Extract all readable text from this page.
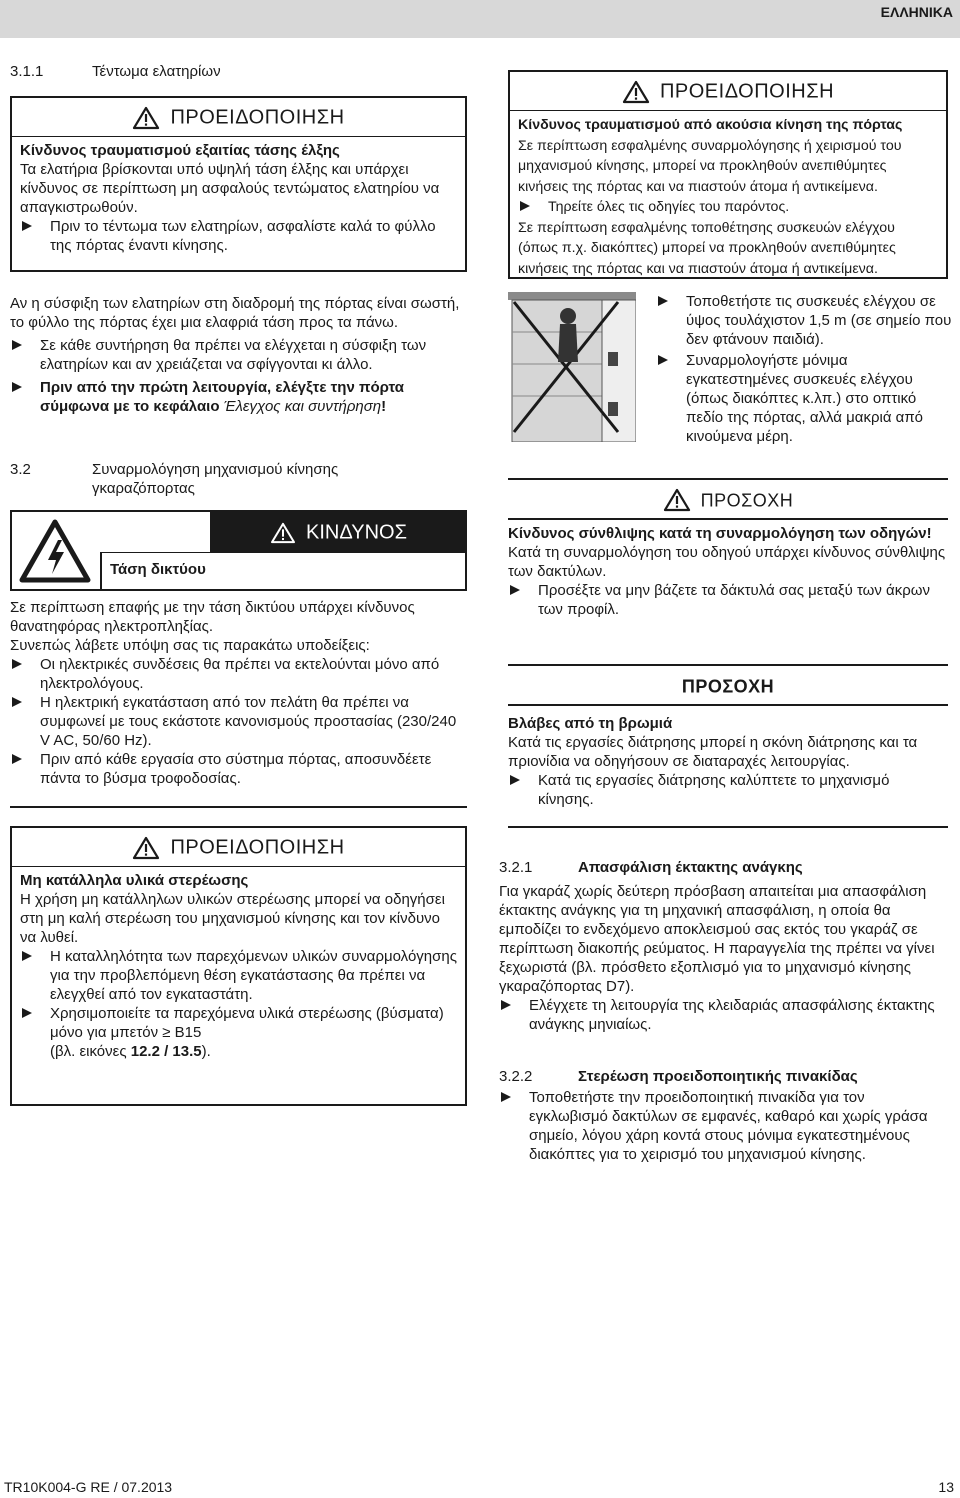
ΕΛΛΗΝΙΚΑ
3.1.1	Τέντωμα ελατηρίων
ΠΡΟΕΙΔΟΠΟΙΗΣΗ

Κίνδυνος τραυματισμού εξαιτίας τάσης έλξης

Τα ελατήρια βρίσκονται υπό υψηλή τάση έλξης και υπάρχει κίνδυνος σε περίπτωση μη ασφαλούς τεντώματος ελατηρίου να απαγκιστρωθούν.

Πριν το τέντωμα των ελατηρίων, ασφαλίστε καλά το φύλλο της πόρτας έναντι κίνησης.

Αν η σύσφιξη των ελατηρίων στη διαδρομή της πόρτας είναι σωστή, το φύλλο της πόρτας έχει μια ελαφριά τάση προς τα πάνω.

Σε κάθε συντήρηση θα πρέπει να ελέγχεται η σύσφιξη των ελατηρίων και αν χρειάζεται να σφίγγονται κι άλλο.

Πριν από την πρώτη λειτουργία, ελέγξτε την πόρτα σύμφωνα με το κεφάλαιο Έλεγχος και συντήρηση!

3.2	Συναρμολόγηση μηχανισμού κίνησης γκαραζόπορτας
ΚΙΝΔΥΝΟΣ
Τάση δικτύου

Σε περίπτωση επαφής με την τάση δικτύου υπάρχει κίνδυνος θανατηφόρας ηλεκτροπληξίας.

Συνεπώς λάβετε υπόψη σας τις παρακάτω υποδείξεις:

Οι ηλεκτρικές συνδέσεις θα πρέπει να εκτελούνται μόνο από ηλεκτρολόγους.

Η ηλεκτρική εγκατάσταση από τον πελάτη θα πρέπει να συμφωνεί με τους εκάστοτε κανονισμούς προστασίας (230/240 V AC, 50/60 Hz).

Πριν από κάθε εργασία στο σύστημα πόρτας, αποσυνδέετε πάντα το βύσμα τροφοδοσίας.

ΠΡΟΕΙΔΟΠΟΙΗΣΗ

Μη κατάλληλα υλικά στερέωσης

Η χρήση μη κατάλληλων υλικών στερέωσης μπορεί να οδηγήσει στη μη καλή στερέωση του μηχανισμού κίνησης και τον κίνδυνο να λυθεί.

Η καταλληλότητα των παρεχόμενων υλικών συναρμολόγησης για την προβλεπόμενη θέση εγκατάστασης θα πρέπει να ελεγχθεί από τον εγκαταστάτη.

Χρησιμοποιείτε τα παρεχόμενα υλικά στερέωσης (βύσματα) μόνο για μπετόν ≥ B15
(βλ. εικόνες 12.2 / 13.5).

ΠΡΟΕΙΔΟΠΟΙΗΣΗ

Κίνδυνος τραυματισμού από ακούσια κίνηση της πόρτας

Σε περίπτωση εσφαλμένης συναρμολόγησης ή χειρισμού του μηχανισμού κίνησης, μπορεί να προκληθούν ανεπιθύμητες κινήσεις της πόρτας και να πιαστούν άτομα ή αντικείμενα.

Τηρείτε όλες τις οδηγίες του παρόντος.

Σε περίπτωση εσφαλμένης τοποθέτησης συσκευών ελέγχου (όπως π.χ. διακόπτες) μπορεί να προκληθούν ανεπιθύμητες κινήσεις της πόρτας και να πιαστούν άτομα ή αντικείμενα.

Τοποθετήστε τις συσκευές ελέγχου σε ύψος τουλάχιστον 1,5 m (σε σημείο που δεν φτάνουν παιδιά).

Συναρμολογήστε μόνιμα εγκατεστημένες συσκευές ελέγχου (όπως διακόπτες κ.λπ.) στο οπτικό πεδίο της πόρτας, αλλά μακριά από κινούμενα μέρη.

ΠΡΟΣΟΧΗ

Κίνδυνος σύνθλιψης κατά τη συναρμολόγηση των οδηγών!

Κατά τη συναρμολόγηση του οδηγού υπάρχει κίνδυνος σύνθλιψης των δακτύλων.

Προσέξτε να μην βάζετε τα δάκτυλά σας μεταξύ των άκρων των προφίλ.

ΠΡΟΣΟΧΗ

Βλάβες από τη βρωμιά

Κατά τις εργασίες διάτρησης μπορεί η σκόνη διάτρησης και τα πριονίδια να οδηγήσουν σε διαταραχές λειτουργίας.

Κατά τις εργασίες διάτρησης καλύπτετε το μηχανισμό κίνησης.

3.2.1	Απασφάλιση έκτακτης ανάγκης

Για γκαράζ χωρίς δεύτερη πρόσβαση απαιτείται μια απασφάλιση έκτακτης ανάγκης για τη μηχανική απασφάλιση, η οποία θα εμποδίζει το ενδεχόμενο αποκλεισμού σας εκτός του γκαράζ σε περίπτωση διακοπής ρεύματος. Η παραγγελία της πρέπει να γίνει ξεχωριστά (βλ. πρόσθετο εξοπλισμό για το μηχανισμό κίνησης γκαραζόπορτας D7).

Ελέγχετε τη λειτουργία της κλειδαριάς απασφάλισης έκτακτης ανάγκης μηνιαίως.

3.2.2	Στερέωση προειδοποιητικής πινακίδας

Τοποθετήστε την προειδοποιητική πινακίδα για τον εγκλωβισμό δακτύλων σε εμφανές, καθαρό και χωρίς γράσα σημείο, λόγου χάρη κοντά στους μόνιμα εγκατεστημένους διακόπτες για το χειρισμό του μηχανισμού κίνησης.

TR10K004-G RE / 07.2013	13
